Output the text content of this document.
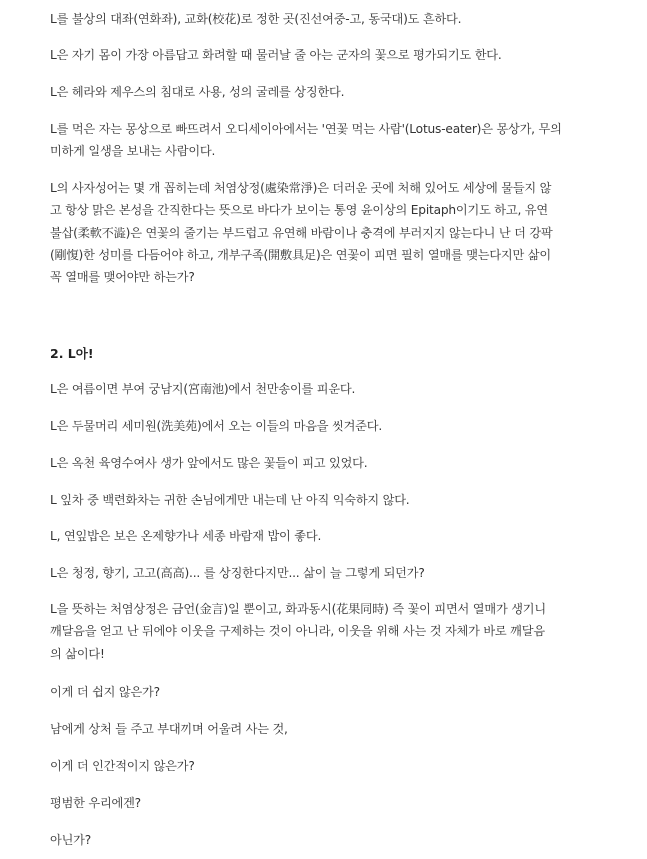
L를 불상의 대좌(연화좌), 교화(校花)로 정한 곳(진선여중-고, 동국대)도 흔하다.

L은 자기 몸이 가장 아름답고 화려할 때 물러날 줄 아는 군자의 꽃으로 평가되기도 한다.

L은 헤라와 제우스의 침대로 사용, 성의 굴레를 상징한다.

L를 먹은 자는 몽상으로 빠뜨려서 오디세이아에서는 '연꽃 먹는 사람'(Lotus-eater)은 몽상가, 무의
미하게 일생을 보내는 사람이다.

L의 사자성어는 몇 개 꼽히는데 처염상정(處染常淨)은 더러운 곳에 처해 있어도 세상에 물들지 않
고 항상 맑은 본성을 간직한다는 뜻으로 바다가 보이는 통영 윤이상의 Epitaph이기도 하고, 유연
불삽(柔軟不澁)은 연꽃의 줄기는 부드럽고 유연해 바람이나 충격에 부러지지 않는다니 난 더 강팍
(剛愎)한 성미를 다듬어야 하고, 개부구족(開敷具足)은 연꽃이 피면 필히 열매를 맺는다지만 삶이
꼭 열매를 맺어야만 하는가?

2. L아!

L은 여름이면 부여 궁남지(宮南池)에서 천만송이를 피운다.

L은 두물머리 세미원(洗美苑)에서 오는 이들의 마음을 씻겨준다.

L은 옥천 육영수여사 생가 앞에서도 많은 꽃들이 피고 있었다.

L 잎차 중 백련화차는 귀한 손님에게만 내는데 난 아직 익숙하지 않다.

L, 연잎밥은 보은 온제향가나 세종 바람재 밥이 좋다.

L은 청정, 향기, 고고(高高)... 를 상징한다지만... 삶이 늘 그렇게 되던가?

L을 뜻하는 처염상정은 금언(金言)일 뿐이고, 화과동시(花果同時) 즉 꽃이 피면서 열매가 생기니
깨달음을 얻고 난 뒤에야 이웃을 구제하는 것이 아니라, 이웃을 위해 사는 것 자체가 바로 깨달음
의 삶이다!

이게 더 쉽지 않은가?

남에게 상처 들 주고 부대끼며 어울려 사는 것,

이게 더 인간적이지 않은가?

평범한 우리에겐?

아닌가?
